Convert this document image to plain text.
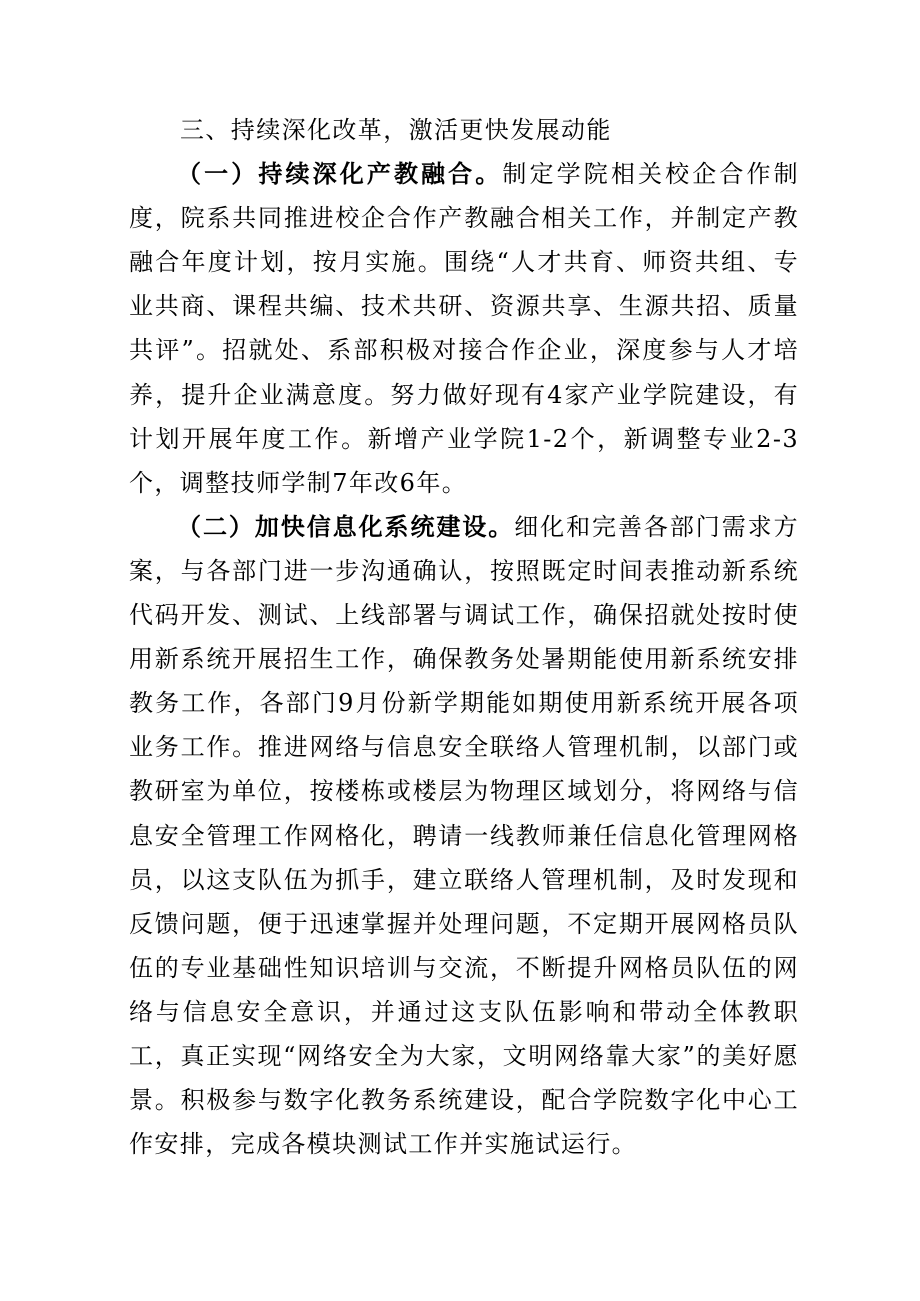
三、持续深化改革，激活更快发展动能

（一）持续深化产教融合。制定学院相关校企合作制度，院系共同推进校企合作产教融合相关工作，并制定产教融合年度计划，按月实施。围绕“人才共育、师资共组、专业共商、课程共编、技术共研、资源共享、生源共招、质量共评”。招就处、系部积极对接合作企业，深度参与人才培养，提升企业满意度。努力做好现有4家产业学院建设，有计划开展年度工作。新增产业学院1-2个，新调整专业2-3个，调整技师学制7年改6年。

（二）加快信息化系统建设。细化和完善各部门需求方案，与各部门进一步沟通确认，按照既定时间表推动新系统代码开发、测试、上线部署与调试工作，确保招就处按时使用新系统开展招生工作，确保教务处暑期能使用新系统安排教务工作，各部门9月份新学期能如期使用新系统开展各项业务工作。推进网络与信息安全联络人管理机制，以部门或教研室为单位，按楼栋或楼层为物理区域划分，将网络与信息安全管理工作网格化，聘请一线教师兼任信息化管理网格员，以这支队伍为抓手，建立联络人管理机制，及时发现和反馈问题，便于迅速掌握并处理问题，不定期开展网格员队伍的专业基础性知识培训与交流，不断提升网格员队伍的网络与信息安全意识，并通过这支队伍影响和带动全体教职工，真正实现“网络安全为大家，文明网络靠大家”的美好愿景。积极参与数字化教务系统建设，配合学院数字化中心工作安排，完成各模块测试工作并实施试运行。
